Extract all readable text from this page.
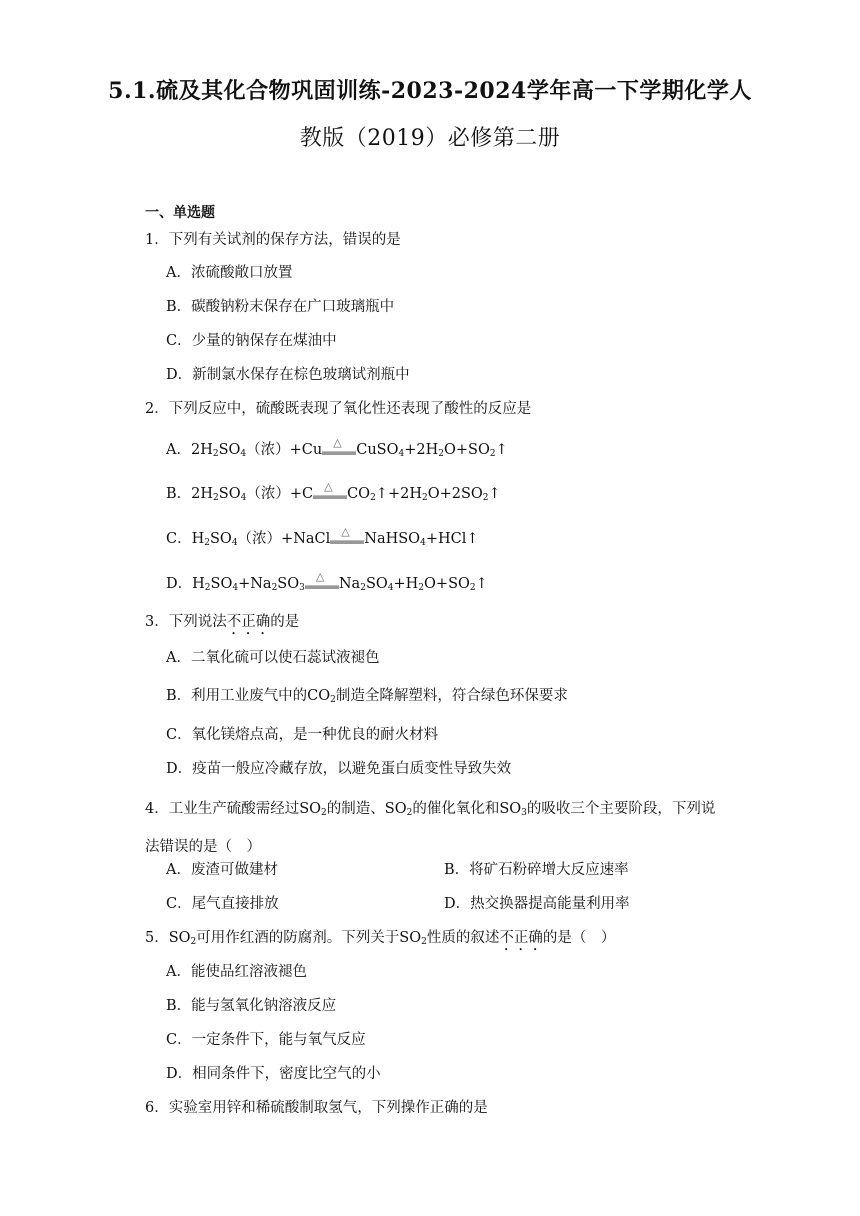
5.1.硫及其化合物巩固训练-2023-2024学年高一下学期化学人
教版（2019）必修第二册
一、单选题
1．下列有关试剂的保存方法，错误的是
A．浓硫酸敞口放置
B．碳酸钠粉末保存在广口玻璃瓶中
C．少量的钠保存在煤油中
D．新制氯水保存在棕色玻璃试剂瓶中
2．下列反应中，硫酸既表现了氧化性还表现了酸性的反应是
A．$2H_2SO_4$（浓）+Cu △ $CuSO_4+2H_2O+SO_2↑$
B．$2H_2SO_4$（浓）+C △ $CO_2↑+2H_2O+2SO_2↑$
C．$H_2SO_4$（浓）+NaCl △ NaHSO$_4$+HCl↑
D．$H_2SO_4+Na_2SO_3$
△ $Na_2SO_4+H_2O+SO_2↑$
3．下列说法不正确的是
A．二氧化硫可以使石蕊试液褪色
B．利用工业废气中的$CO_2$制造全降解塑料，符合绿色环保要求
C．氧化镁熔点高，是一种优良的耐火材料
D．疫苗一般应冷藏存放，以避免蛋白质变性导致失效
4．工业生产硫酸需经过$SO_2$的制造、$SO_2$的催化氧化和$SO_3$的吸收三个主要阶段，下列说法错误的是（　）
A．废渣可做建材	B．将矿石粉碎增大反应速率
C．尾气直接排放	D．热交换器提高能量利用率
5．$SO_2$可用作红酒的防腐剂。下列关于$SO_2$性质的叙述不正确的是（　）
A．能使品红溶液褪色
B．能与氢氧化钠溶液反应
C．一定条件下，能与氧气反应
D．相同条件下，密度比空气的小
6．实验室用锌和稀硫酸制取氢气，下列操作正确的是
